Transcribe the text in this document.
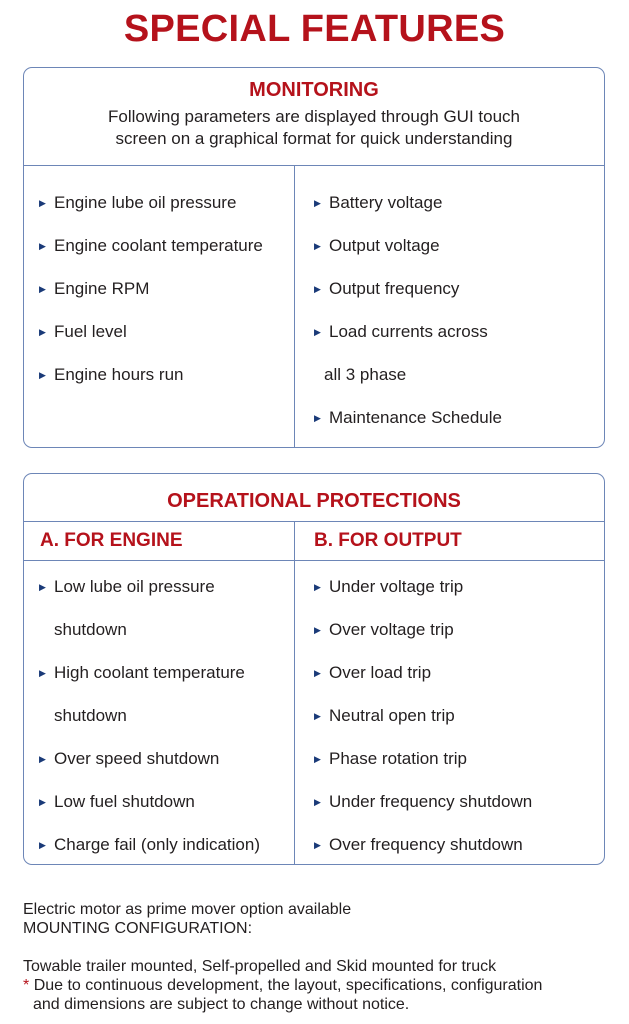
SPECIAL FEATURES
MONITORING
Following parameters are displayed through GUI touch
screen on a graphical format for quick understanding
▶ Engine lube oil pressure
▶ Engine coolant temperature
▶ Engine RPM
▶ Fuel level
▶ Engine hours run
▶ Battery voltage
▶ Output voltage
▶ Output frequency
▶ Load currents across
all 3 phase
▶ Maintenance Schedule
OPERATIONAL PROTECTIONS
A. FOR ENGINE	B. FOR OUTPUT
▶ Low lube oil pressure
shutdown
▶ High coolant temperature
shutdown
▶ Over speed shutdown
▶ Low fuel shutdown
▶ Charge fail (only indication)
▶ Under voltage trip
▶ Over voltage trip
▶ Over load trip
▶ Neutral open trip
▶ Phase rotation trip
▶ Under frequency shutdown
▶ Over frequency shutdown
Electric motor as prime mover option available
MOUNTING CONFIGURATION:
Towable trailer mounted, Self-propelled and Skid mounted for truck
* Due to continuous development, the layout, specifications, configuration
and dimensions are subject to change without notice.
